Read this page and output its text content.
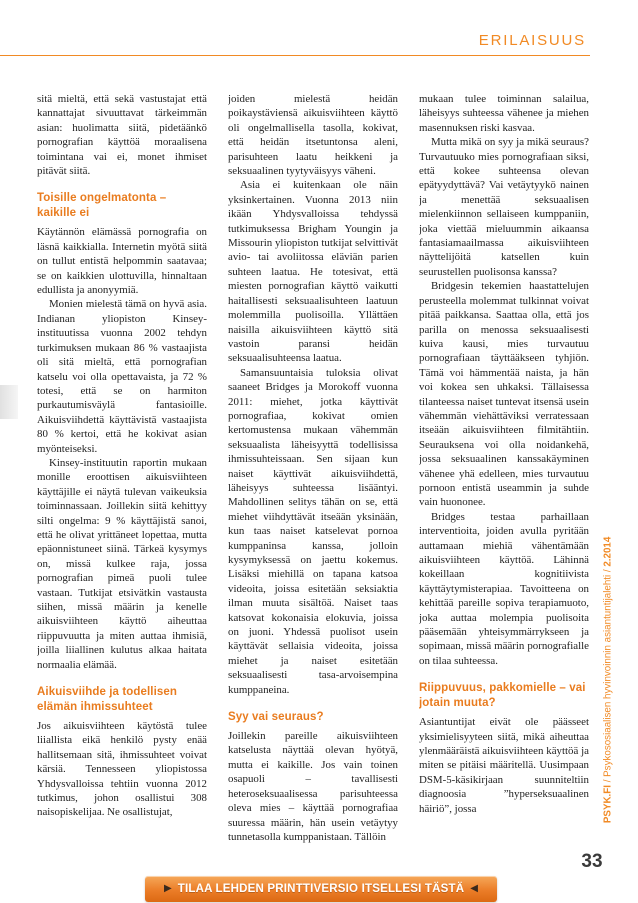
ERILAISUUS

sitä mieltä, että sekä vastustajat että kannattajat sivuuttavat tärkeimmän asian: huolimatta siitä, pidetäänkö pornografian käyttöä moraalisena toimintana vai ei, monet ihmiset pitävät siitä.

Toisille ongelmatonta – kaikille ei

Käytännön elämässä pornografia on läsnä kaikkialla. Internetin myötä siitä on tullut entistä helpommin saatavaa; se on kaikkien ulottuvilla, hinnaltaan edullista ja anonyymiä.

Monien mielestä tämä on hyvä asia. Indianan yliopiston Kinsey-instituutissa vuonna 2002 tehdyn turkimuksen mukaan 86 % vastaajista oli sitä mieltä, että pornografian katselu voi olla opettavaista, ja 72 % totesi, että se on harmiton purkautumisväylä fantasioille. Aikuisviihdettä käyttävistä vastaajista 80 % kertoi, että he kokivat asian myönteiseksi.

Kinsey-instituutin raportin mukaan monille eroottisen aikuisviihteen käyttäjille ei näytä tulevan vaikeuksia toiminnassaan. Joillekin siitä kehittyy silti ongelma: 9 % käyttäjistä sanoi, että he olivat yrittäneet lopettaa, mutta epäonnistuneet siinä. Tärkeä kysymys on, missä kulkee raja, jossa pornografian pimeä puoli tulee vastaan. Tutkijat etsivätkin vastausta siihen, missä määrin ja kenelle aikuisviihteen käyttö aiheuttaa riippuvuutta ja miten auttaa ihmisiä, joilla liiallinen kulutus alkaa haitata normaalia elämää.

Aikuisviihde ja todellisen elämän ihmissuhteet

Jos aikuisviihteen käytöstä tulee liiallista eikä henkilö pysty enää hallitsemaan sitä, ihmissuhteet voivat kärsiä. Tennesseen yliopistossa Yhdysvalloissa tehtiin vuonna 2012 tutkimus, johon osallistui 308 naisopiskelijaa. Ne osallistujat,

joiden mielestä heidän poikaystäviensä aikuisviihteen käyttö oli ongelmallisella tasolla, kokivat, että heidän itsetuntonsa aleni, parisuhteen laatu heikkeni ja seksuaalinen tyytyväisyys väheni.

Asia ei kuitenkaan ole näin yksinkertainen. Vuonna 2013 niin ikään Yhdysvalloissa tehdyssä tutkimuksessa Brigham Youngin ja Missourin yliopiston tutkijat selvittivät avio- tai avoliitossa eläviän parien suhteen laatua. He totesivat, että miesten pornografian käyttö vaikutti haitallisesti seksuaalisuhteen laatuun molemmilla puolisoilla. Yllättäen naisilla aikuisviihteen käyttö sitä vastoin paransi heidän seksuaalisuhteensa laatua.

Samansuuntaisia tuloksia olivat saaneet Bridges ja Morokoff vuonna 2011: miehet, jotka käyttivät pornografiaa, kokivat omien kertomustensa mukaan vähemmän seksuaalista läheisyyttä todellisissa ihmissuhteissaan. Sen sijaan kun naiset käyttivät aikuisviihdettä, läheisyys suhteessa lisääntyi. Mahdollinen selitys tähän on se, että miehet viihdyttävät itseään yksinään, kun taas naiset katselevat pornoa kumppaninsa kanssa, jolloin kysymyksessä on jaettu kokemus. Lisäksi miehillä on tapana katsoa videoita, joissa esitetään seksiaktia ilman muuta sisältöä. Naiset taas katsovat kokonaisia elokuvia, joissa on juoni. Yhdessä puolisot usein käyttävät sellaisia videoita, joissa miehet ja naiset esitetään seksuaalisesti tasa-arvoisempina kumppaneina.

Syy vai seuraus?

Joillekin pareille aikuisviihteen katselusta näyttää olevan hyötyä, mutta ei kaikille. Jos vain toinen osapuoli – tavallisesti heteroseksuaalisessa parisuhteessa oleva mies – käyttää pornografiaa suuressa määrin, hän usein vetäytyy tunnetasolla kumppanistaan. Tällöin

mukaan tulee toiminnan salailua, läheisyys suhteessa vähenee ja miehen masennuksen riski kasvaa.

Mutta mikä on syy ja mikä seuraus? Turvautuuko mies pornografiaan siksi, että kokee suhteensa olevan epätyydyttävä? Vai vetäytyykö nainen ja menettää seksuaalisen mielenkiinnon sellaiseen kumppaniin, joka viettää mieluummin aikaansa fantasiamaailmassa aikuisviihteen näyttelijöitä katsellen kuin seurustellen puolisonsa kanssa?

Bridgesin tekemien haastattelujen perusteella molemmat tulkinnat voivat pitää paikkansa. Saattaa olla, että jos parilla on menossa seksuaalisesti kuiva kausi, mies turvautuu pornografiaan täyttääkseen tyhjiön. Tämä voi hämmentää naista, ja hän voi kokea sen uhkaksi. Tällaisessa tilanteessa naiset tuntevat itsensä usein vähemmän viehättäviksi verratessaan itseään aikuisviihteen filmitähtiin. Seurauksena voi olla noidankehä, jossa seksuaalinen kanssakäyminen vähenee yhä edelleen, mies turvautuu pornoon entistä useammin ja suhde vain huononee.

Bridges testaa parhaillaan interventioita, joiden avulla pyritään auttamaan miehiä vähentämään aikuisviihteen käyttöä. Lähinnä kokeillaan kognitiivista käyttäytymisterapiaa. Tavoitteena on kehittää pareille sopiva terapiamuoto, joka auttaa molempia puolisoita pääsemään yhteisymmärrykseen ja sopimaan, missä määrin pornografialle on tilaa suhteessa.

Riippuvuus, pakkomielle – vai jotain muuta?

Asiantuntijat eivät ole päässeet yksimielisyyteen siitä, mikä aiheuttaa ylenmääräistä aikuisviihteen käyttöä ja miten se pitäisi määritellä. Uusimpaan DSM-5-käsikirjaan suunniteltiin diagnoosia ”hyperseksuaalinen häiriö”, jossa	PSYK.FI / Psykososiaalisen hyvinvoinnin asiantuntijalehti / 2.2014
33
▶ TILAA LEHDEN PRINTTIVERSIO ITSELLESI TÄSTÄ ◀
